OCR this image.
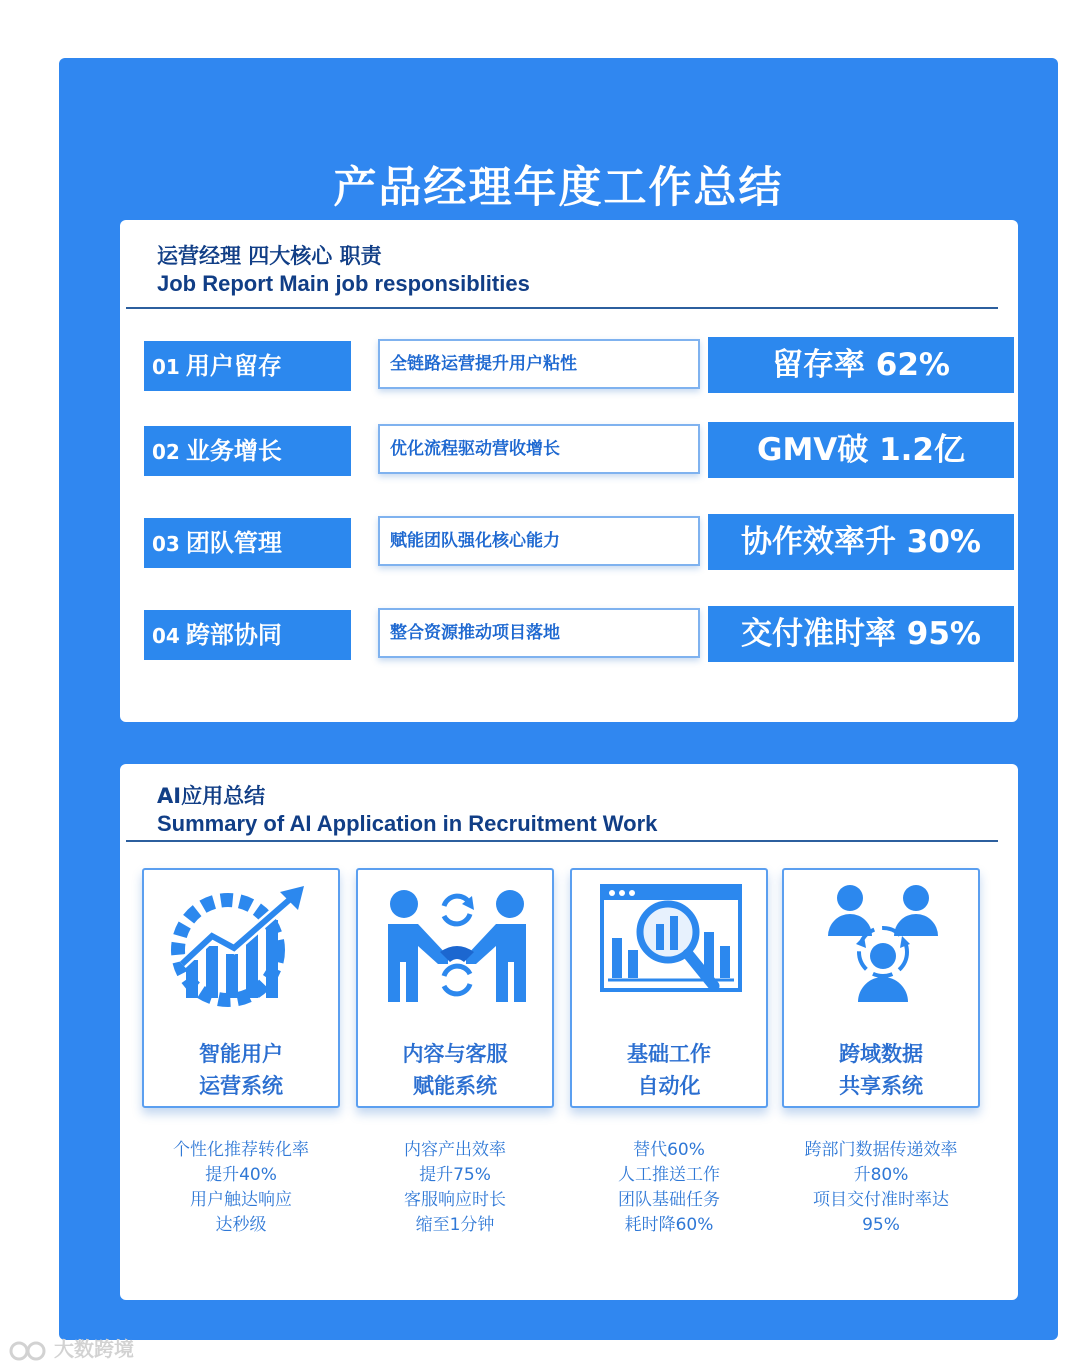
产品经理年度工作总结
运营经理 四大核心 职责
Job Report Main job responsiblities
01 用户留存	全链路运营提升用户粘性	留存率 62%
02 业务增长	优化流程驱动营收增长	GMV破 1.2亿
03 团队管理	赋能团队强化核心能力	协作效率升 30%
04 跨部协同	整合资源推动项目落地	交付准时率 95%
AI应用总结
Summary of AI Application in Recruitment Work
智能用户
运营系统
内容与客服
赋能系统
基础工作
自动化
跨域数据
共享系统
个性化推荐转化率
提升40%
用户触达响应
达秒级
内容产出效率
提升75%
客服响应时长
缩至1分钟
替代60%
人工推送工作
团队基础任务
耗时降60%
跨部门数据传递效率
升80%
项目交付准时率达
95%
大数跨境
